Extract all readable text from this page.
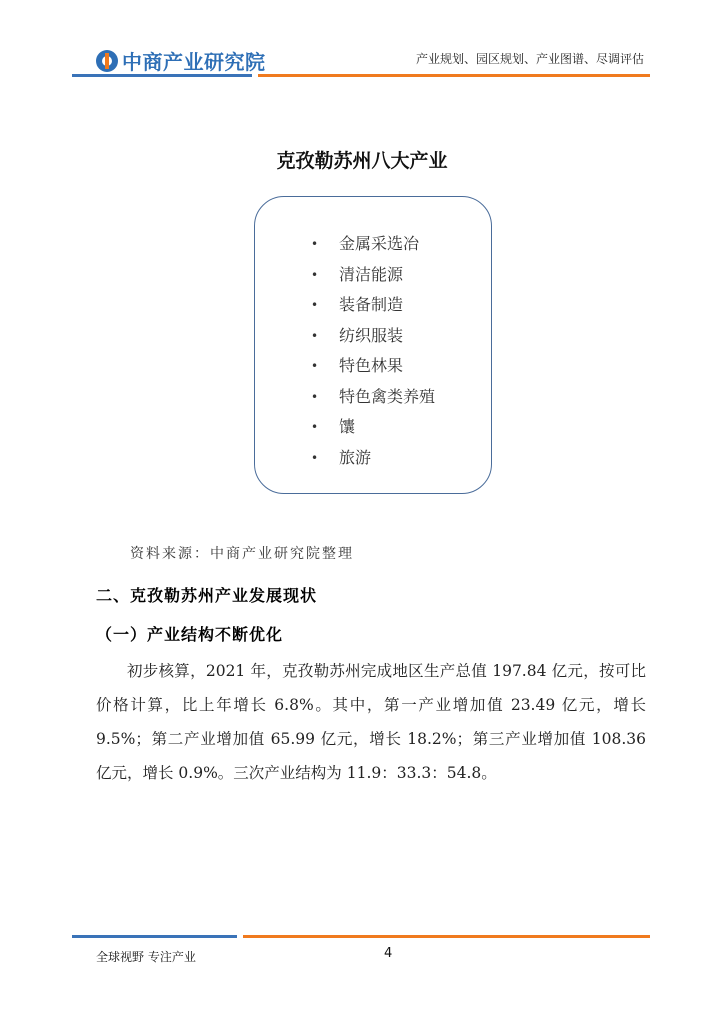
中商产业研究院	产业规划、园区规划、产业图谱、尽调评估
克孜勒苏州八大产业
• 金属采选冶
• 清洁能源
• 装备制造
• 纺织服装
• 特色林果
• 特色禽类养殖
• 馕
• 旅游
资料来源：中商产业研究院整理
二、克孜勒苏州产业发展现状
（一）产业结构不断优化

初步核算，2021 年，克孜勒苏州完成地区生产总值 197.84 亿元，按可比价格计算，比上年增长 6.8%。其中，第一产业增加值 23.49 亿元，增长 9.5%；第二产业增加值 65.99 亿元，增长 18.2%；第三产业增加值 108.36 亿元，增长 0.9%。三次产业结构为 11.9：33.3：54.8。

全球视野 专注产业	4
